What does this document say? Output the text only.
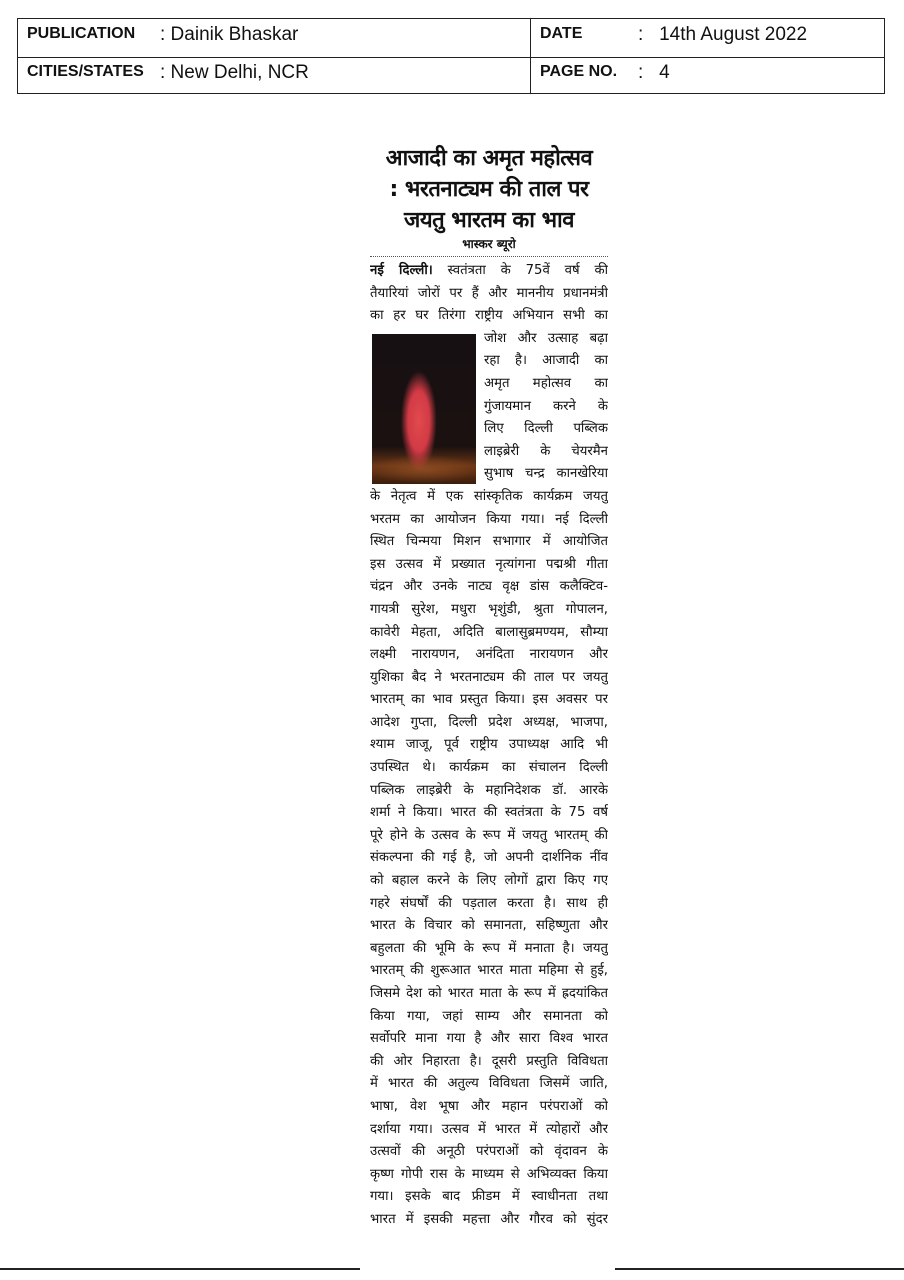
PUBLICATION : Dainik Bhaskar	DATE	:   14th August 2022
CITIES/STATES : New Delhi, NCR	PAGE NO. :   4
आजादी का अमृत महोत्सव
: भरतनाट्यम की ताल पर
जयतु भारतम का भाव
भास्कर ब्यूरो
नई दिल्ली। स्वतंत्रता के 75वें वर्ष की
तैयारियां जोरों पर हैं और माननीय प्रधानमंत्री
का हर घर तिरंगा राष्ट्रीय अभियान सभी का
जोश और उत्साह बढ़ा
रहा है। आजादी का
अमृत महोत्सव का
गुंजायमान करने के
लिए दिल्ली पब्लिक
लाइब्रेरी के चेयरमैन
सुभाष चन्द्र कानखेरिया
के नेतृत्व में एक सांस्कृतिक कार्यक्रम जयतु
भरतम का आयोजन किया गया। नई दिल्ली
स्थित चिन्मया मिशन सभागार में आयोजित
इस उत्सव में प्रख्यात नृत्यांगना पद्मश्री गीता
चंद्रन और उनके नाट्य वृक्ष डांस कलैक्टिव-
गायत्री सुरेश, मधुरा भृशुंडी, श्रुता गोपालन,
कावेरी मेहता, अदिति बालासुब्रमण्यम, सौम्या
लक्ष्मी नारायणन, अनंदिता नारायणन और
युशिका बैद ने भरतनाट्यम की ताल पर जयतु
भारतम् का भाव प्रस्तुत किया। इस अवसर पर
आदेश गुप्ता, दिल्ली प्रदेश अध्यक्ष, भाजपा,
श्याम जाजू, पूर्व राष्ट्रीय उपाध्यक्ष आदि भी
उपस्थित थे। कार्यक्रम का संचालन दिल्ली
पब्लिक लाइब्रेरी के महानिदेशक डॉ. आरके
शर्मा ने किया। भारत की स्वतंत्रता के 75 वर्ष
पूरे होने के उत्सव के रूप में जयतु भारतम् की
संकल्पना की गई है, जो अपनी दार्शनिक नींव
को बहाल करने के लिए लोगों द्वारा किए गए
गहरे संघर्षों की पड़ताल करता है। साथ ही
भारत के विचार को समानता, सहिष्णुता और
बहुलता की भूमि के रूप में मनाता है। जयतु
भारतम् की शुरूआत भारत माता महिमा से हुई,
जिसमे देश को भारत माता के रूप में ह्रदयांकित
किया गया, जहां साम्य और समानता को
सर्वोपरि माना गया है और सारा विश्व भारत
की ओर निहारता है। दूसरी प्रस्तुति विविधता
में भारत की अतुल्य विविधता जिसमें जाति,
भाषा, वेश भूषा और महान परंपराओं को
दर्शाया गया। उत्सव में भारत में त्योहारों और
उत्सवों की अनूठी परंपराओं को वृंदावन के
कृष्ण गोपी रास के माध्यम से अभिव्यक्त किया
गया। इसके बाद फ्रीडम में स्वाधीनता तथा
भारत में इसकी महत्ता और गौरव को सुंदर
